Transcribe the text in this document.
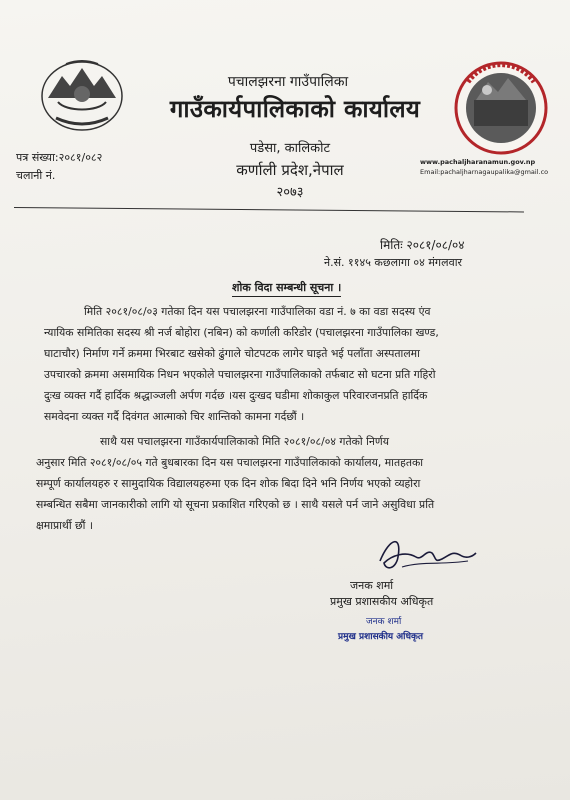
पचालझरना गाउँपालिका
गाउँकार्यपालिकाको कार्यालय
पडेसा, कालिकोट
कर्णाली प्रदेश,नेपाल
२०७३
पत्र संख्या:२०८१/०८२
चलानी नं.
www.pachaljharanamun.gov.np
Email:pachaljharnagaupalika@gmail.co
मितिः २०८१/०८/०४
ने.सं. ११४५ कछलागा ०४ मंगलवार
शोक विदा सम्बन्धी सूचना ।
मिति २०८१/०८/०३ गतेका दिन यस पचालझरना गाउँपालिका वडा नं. ७ का वडा सदस्य एंव
न्यायिक समितिका सदस्य श्री नर्ज बोहोरा (नबिन) को कर्णाली करिडोर (पचालझरना गाउँपालिका खण्ड,
घाटाचौर) निर्माण गर्ने क्रममा भिरबाट खसेको ढुंगाले चोटपटक लागेर घाइते भई पलाँता अस्पतालमा
उपचारको क्रममा असमायिक निधन भएकोले पचालझरना गाउँपालिकाको तर्फबाट सो घटना प्रति गहिरो
दुःख व्यक्त गर्दै हार्दिक श्रद्धाञ्जली अर्पण गर्दछ ।यस दुःखद घडीमा शोकाकुल परिवारजनप्रति हार्दिक
समवेदना व्यक्त गर्दै दिवंगत आत्माको चिर शान्तिको कामना गर्दछौं ।
साथै यस पचालझरना गाउँकार्यपालिकाको मिति २०८१/०८/०४ गतेको निर्णय
अनुसार मिति २०८१/०८/०५ गते बुधबारका दिन यस पचालझरना गाउँपालिकाको कार्यालय, मातहतका
सम्पूर्ण कार्यालयहरु र सामुदायिक विद्यालयहरुमा एक दिन शोक बिदा दिने भनि निर्णय भएको व्यहोरा
सम्बन्धित सबैमा जानकारीको लागि यो सूचना प्रकाशित गरिएको छ । साथै यसले पर्न जाने असुविधा प्रति
क्षमाप्रार्थी छौं ।
जनक शर्मा
प्रमुख प्रशासकीय अधिकृत
जनक शर्मा
प्रमुख प्रशासकीय अधिकृत
